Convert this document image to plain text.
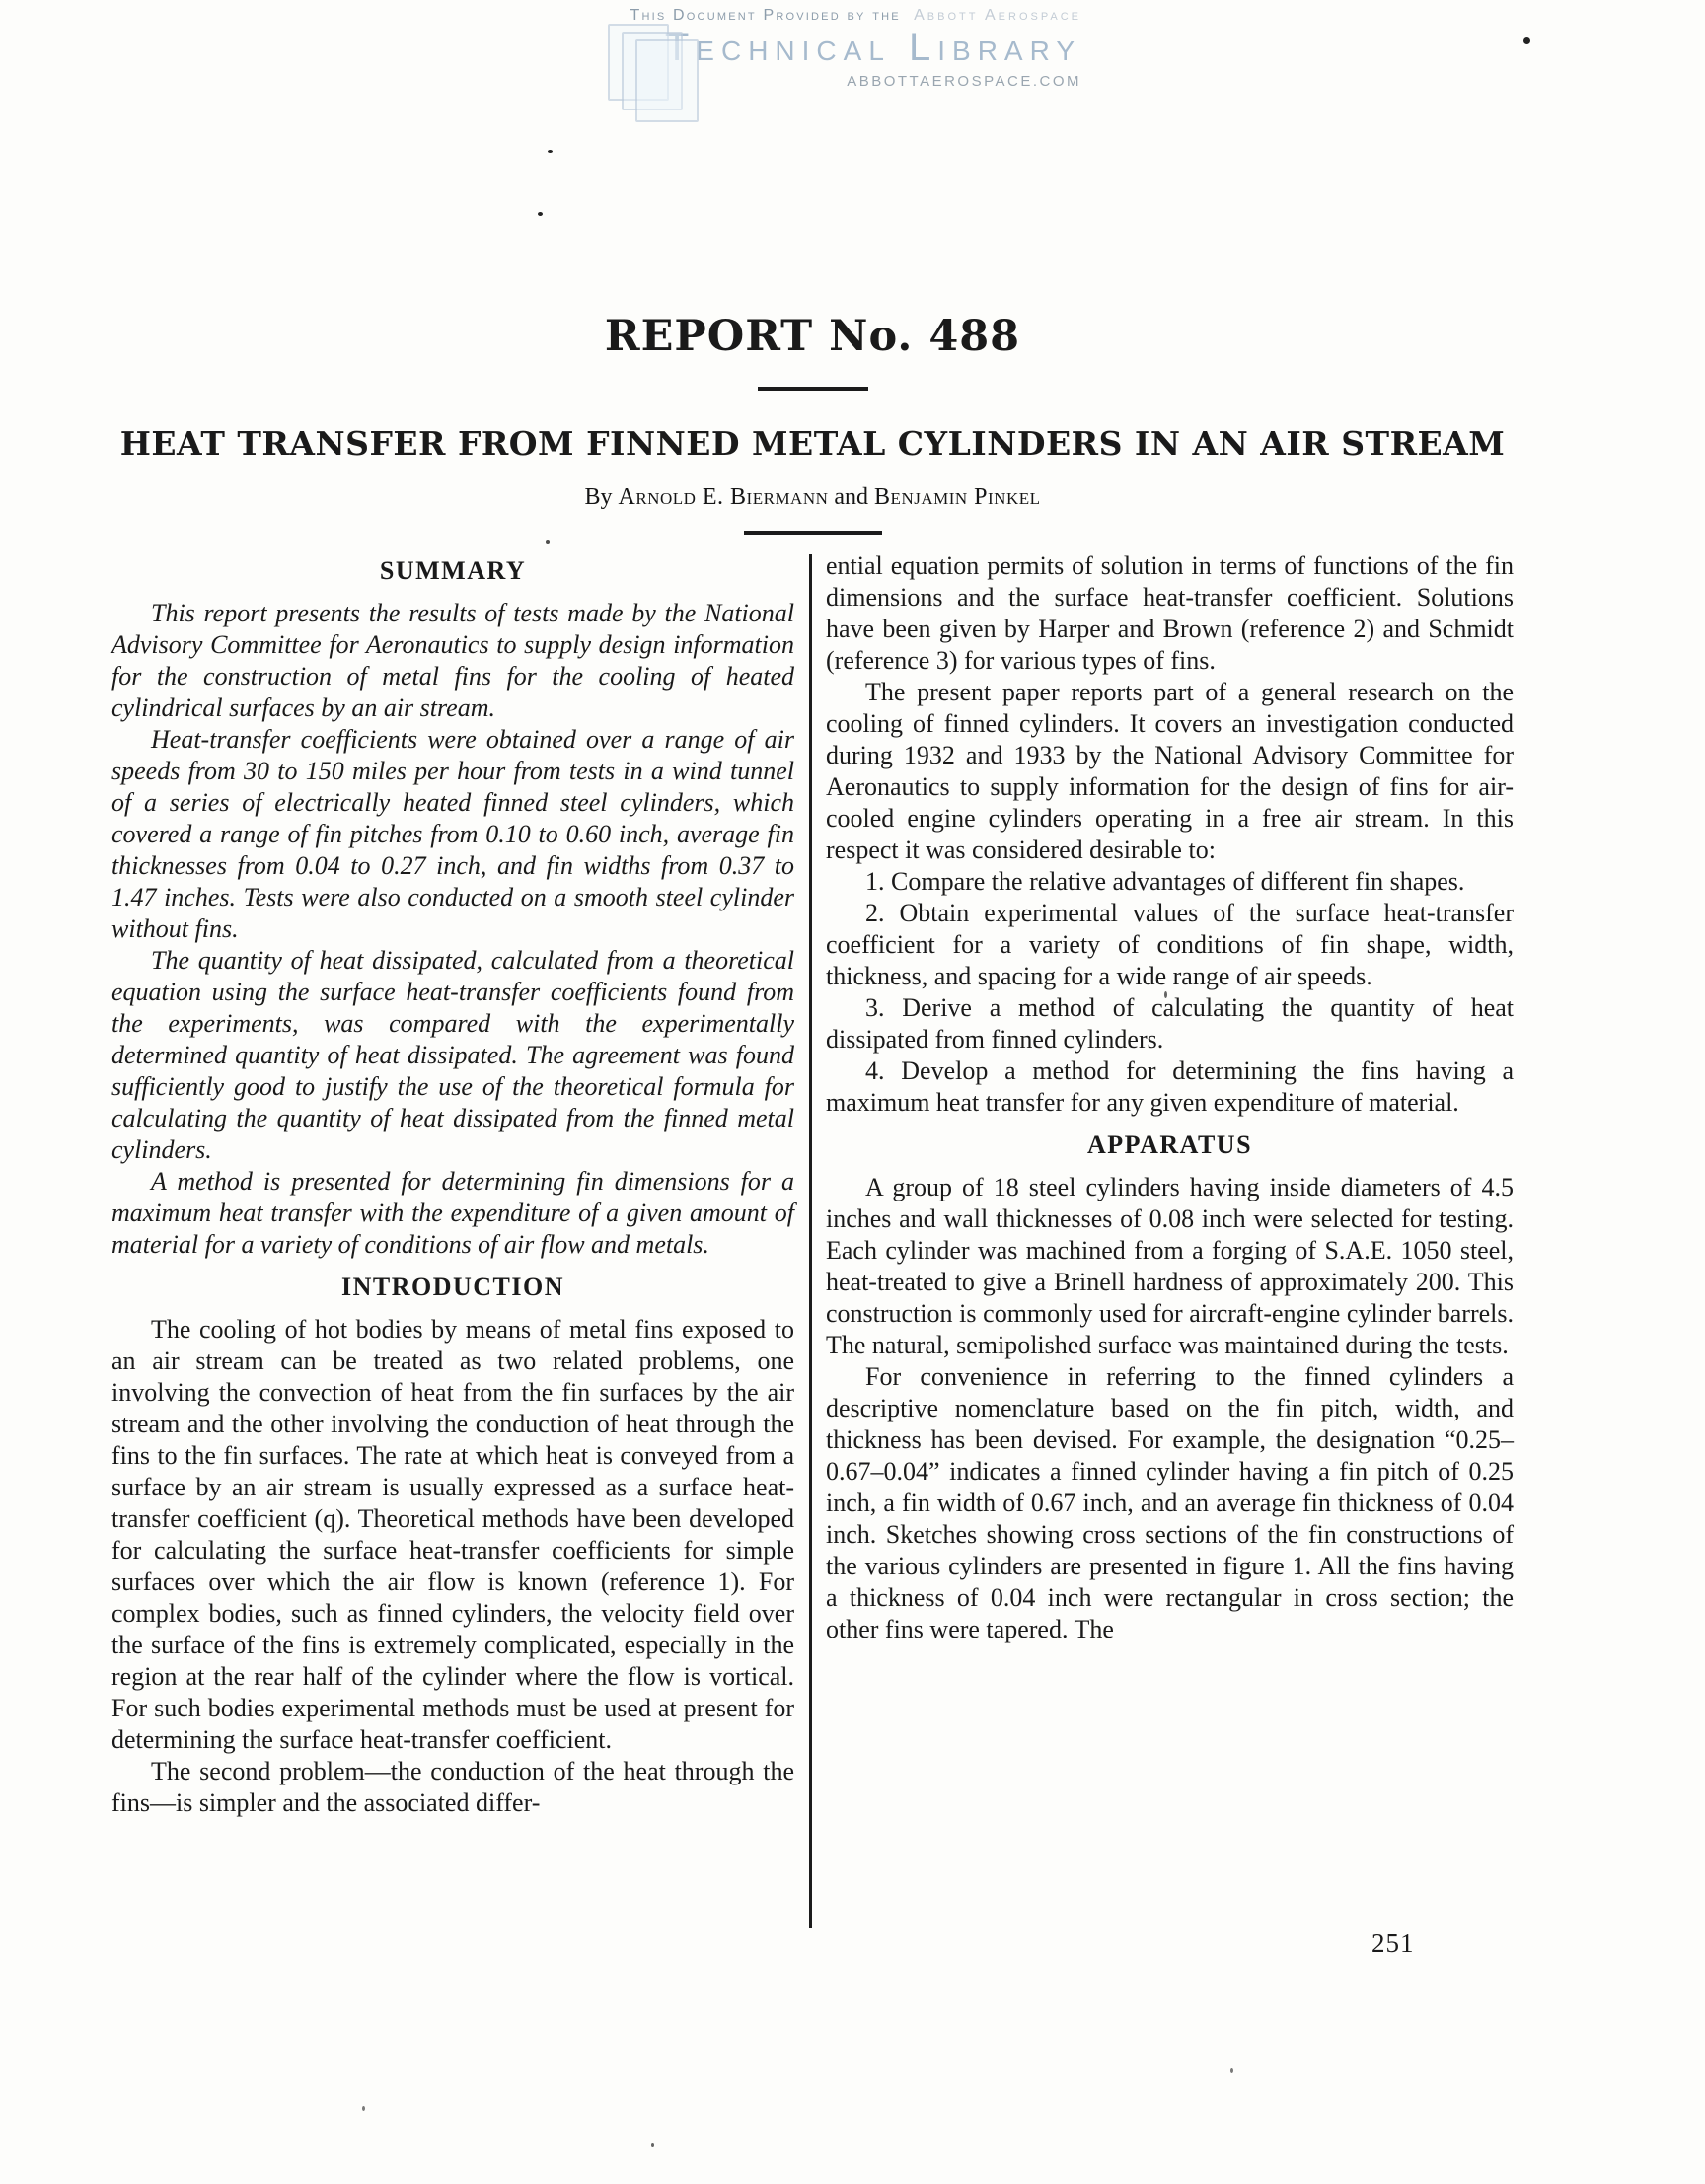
This Document Provided by the Abbott Aerospace
Technical Library
ABBOTTAEROSPACE.COM
REPORT No. 488
HEAT TRANSFER FROM FINNED METAL CYLINDERS IN AN AIR STREAM
By Arnold E. Biermann and Benjamin Pinkel
SUMMARY

This report presents the results of tests made by the National Advisory Committee for Aeronautics to supply design information for the construction of metal fins for the cooling of heated cylindrical surfaces by an air stream.

Heat-transfer coefficients were obtained over a range of air speeds from 30 to 150 miles per hour from tests in a wind tunnel of a series of electrically heated finned steel cylinders, which covered a range of fin pitches from 0.10 to 0.60 inch, average fin thicknesses from 0.04 to 0.27 inch, and fin widths from 0.37 to 1.47 inches. Tests were also conducted on a smooth steel cylinder without fins.

The quantity of heat dissipated, calculated from a theoretical equation using the surface heat-transfer coefficients found from the experiments, was compared with the experimentally determined quantity of heat dissipated. The agreement was found sufficiently good to justify the use of the theoretical formula for calculating the quantity of heat dissipated from the finned metal cylinders.

A method is presented for determining fin dimensions for a maximum heat transfer with the expenditure of a given amount of material for a variety of conditions of air flow and metals.

INTRODUCTION

The cooling of hot bodies by means of metal fins exposed to an air stream can be treated as two related problems, one involving the convection of heat from the fin surfaces by the air stream and the other involving the conduction of heat through the fins to the fin surfaces. The rate at which heat is conveyed from a surface by an air stream is usually expressed as a surface heat-transfer coefficient (q). Theoretical methods have been developed for calculating the surface heat-transfer coefficients for simple surfaces over which the air flow is known (reference 1). For complex bodies, such as finned cylinders, the velocity field over the surface of the fins is extremely complicated, especially in the region at the rear half of the cylinder where the flow is vortical. For such bodies experimental methods must be used at present for determining the surface heat-transfer coefficient.

The second problem—the conduction of the heat through the fins—is simpler and the associated differ-

ential equation permits of solution in terms of functions of the fin dimensions and the surface heat-transfer coefficient. Solutions have been given by Harper and Brown (reference 2) and Schmidt (reference 3) for various types of fins.

The present paper reports part of a general research on the cooling of finned cylinders. It covers an investigation conducted during 1932 and 1933 by the National Advisory Committee for Aeronautics to supply information for the design of fins for air-cooled engine cylinders operating in a free air stream. In this respect it was considered desirable to:

1. Compare the relative advantages of different fin shapes.

2. Obtain experimental values of the surface heat-transfer coefficient for a variety of conditions of fin shape, width, thickness, and spacing for a wide range of air speeds.

3. Derive a method of calculating the quantity of heat dissipated from finned cylinders.

4. Develop a method for determining the fins having a maximum heat transfer for any given expenditure of material.

APPARATUS

A group of 18 steel cylinders having inside diameters of 4.5 inches and wall thicknesses of 0.08 inch were selected for testing. Each cylinder was machined from a forging of S.A.E. 1050 steel, heat-treated to give a Brinell hardness of approximately 200. This construction is commonly used for aircraft-engine cylinder barrels. The natural, semipolished surface was maintained during the tests.

For convenience in referring to the finned cylinders a descriptive nomenclature based on the fin pitch, width, and thickness has been devised. For example, the designation “0.25–0.67–0.04” indicates a finned cylinder having a fin pitch of 0.25 inch, a fin width of 0.67 inch, and an average fin thickness of 0.04 inch. Sketches showing cross sections of the fin constructions of the various cylinders are presented in figure 1. All the fins having a thickness of 0.04 inch were rectangular in cross section; the other fins were tapered. The

251
